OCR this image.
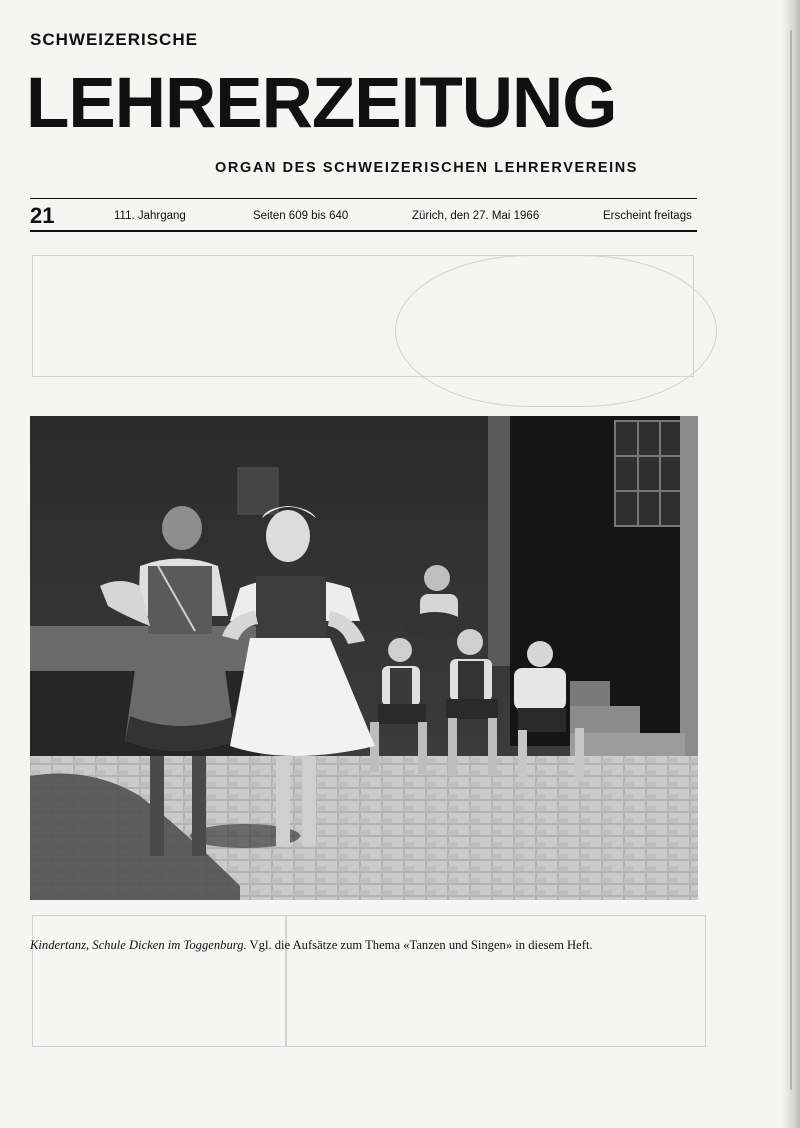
SCHWEIZERISCHE
LEHRERZEITUNG
ORGAN DES SCHWEIZERISCHEN LEHRERVEREINS
21	111. Jahrgang	Seiten 609 bis 640	Zürich, den 27. Mai 1966	Erscheint freitags
Kindertanz, Schule Dicken im Toggenburg. Vgl. die Aufsätze zum Thema «Tanzen und Singen» in diesem Heft.
